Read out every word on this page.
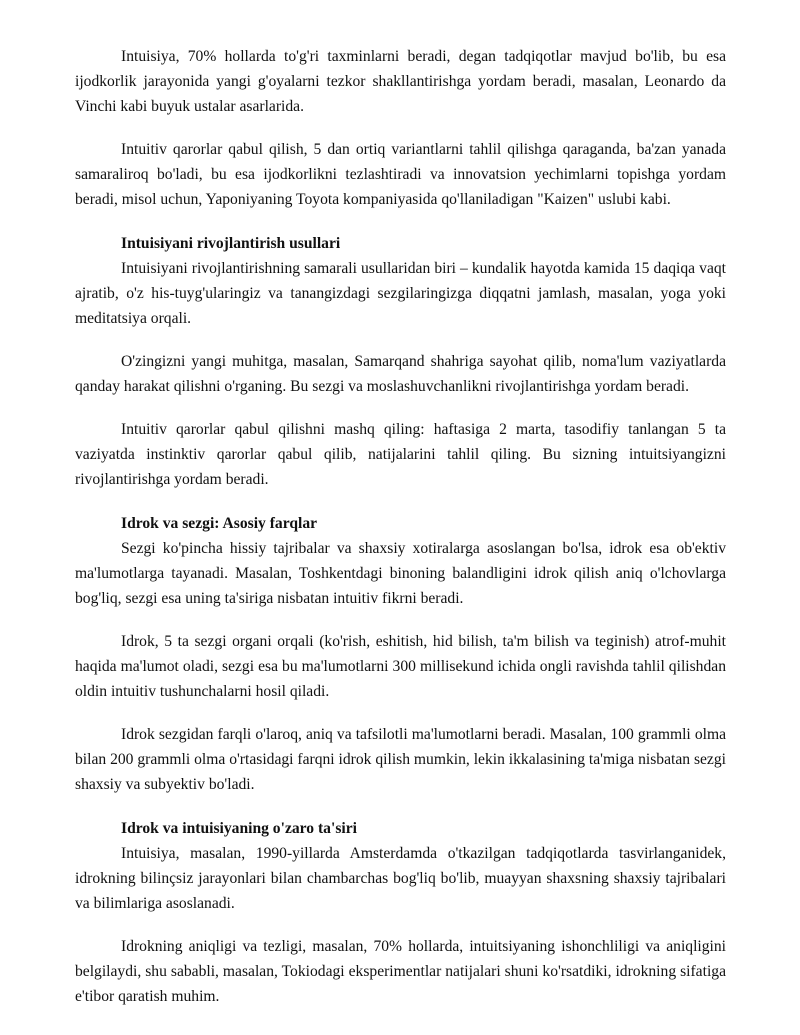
Intuisiya, 70% hollarda to'g'ri taxminlarni beradi, degan tadqiqotlar mavjud bo'lib, bu esa ijodkorlik jarayonida yangi g'oyalarni tezkor shakllantirishga yordam beradi, masalan, Leonardo da Vinchi kabi buyuk ustalar asarlarida.

Intuitiv qarorlar qabul qilish, 5 dan ortiq variantlarni tahlil qilishga qaraganda, ba'zan yanada samaraliroq bo'ladi, bu esa ijodkorlikni tezlashtiradi va innovatsion yechimlarni topishga yordam beradi, misol uchun, Yaponiyaning Toyota kompaniyasida qo'llaniladigan "Kaizen" uslubi kabi.

Intuisiyani rivojlantirish usullari

Intuisiyani rivojlantirishning samarali usullaridan biri – kundalik hayotda kamida 15 daqiqa vaqt ajratib, o'z his-tuyg'ularingiz va tanangizdagi sezgilaringizga diqqatni jamlash, masalan, yoga yoki meditatsiya orqali.

O'zingizni yangi muhitga, masalan, Samarqand shahriga sayohat qilib, noma'lum vaziyatlarda qanday harakat qilishni o'rganing. Bu sezgi va moslashuvchanlikni rivojlantirishga yordam beradi.

Intuitiv qarorlar qabul qilishni mashq qiling: haftasiga 2 marta, tasodifiy tanlangan 5 ta vaziyatda instinktiv qarorlar qabul qilib, natijalarini tahlil qiling. Bu sizning intuitsiyangizni rivojlantirishga yordam beradi.

Idrok va sezgi: Asosiy farqlar

Sezgi ko'pincha hissiy tajribalar va shaxsiy xotiralarga asoslangan bo'lsa, idrok esa ob'ektiv ma'lumotlarga tayanadi. Masalan, Toshkentdagi binoning balandligini idrok qilish aniq o'lchovlarga bog'liq, sezgi esa uning ta'siriga nisbatan intuitiv fikrni beradi.

Idrok, 5 ta sezgi organi orqali (ko'rish, eshitish, hid bilish, ta'm bilish va teginish) atrof-muhit haqida ma'lumot oladi, sezgi esa bu ma'lumotlarni 300 millisekund ichida ongli ravishda tahlil qilishdan oldin intuitiv tushunchalarni hosil qiladi.

Idrok sezgidan farqli o'laroq, aniq va tafsilotli ma'lumotlarni beradi. Masalan, 100 grammli olma bilan 200 grammli olma o'rtasidagi farqni idrok qilish mumkin, lekin ikkalasining ta'miga nisbatan sezgi shaxsiy va subyektiv bo'ladi.

Idrok va intuisiyaning o'zaro ta'siri

Intuisiya, masalan, 1990-yillarda Amsterdamda o'tkazilgan tadqiqotlarda tasvirlanganidek, idrokning bilinçsiz jarayonlari bilan chambarchas bog'liq bo'lib, muayyan shaxsning shaxsiy tajribalari va bilimlariga asoslanadi.

Idrokning aniqligi va tezligi, masalan, 70% hollarda, intuitsiyaning ishonchliligi va aniqligini belgilaydi, shu sababli, masalan, Tokiodagi eksperimentlar natijalari shuni ko'rsatdiki, idrokning sifatiga e'tibor qaratish muhim.
